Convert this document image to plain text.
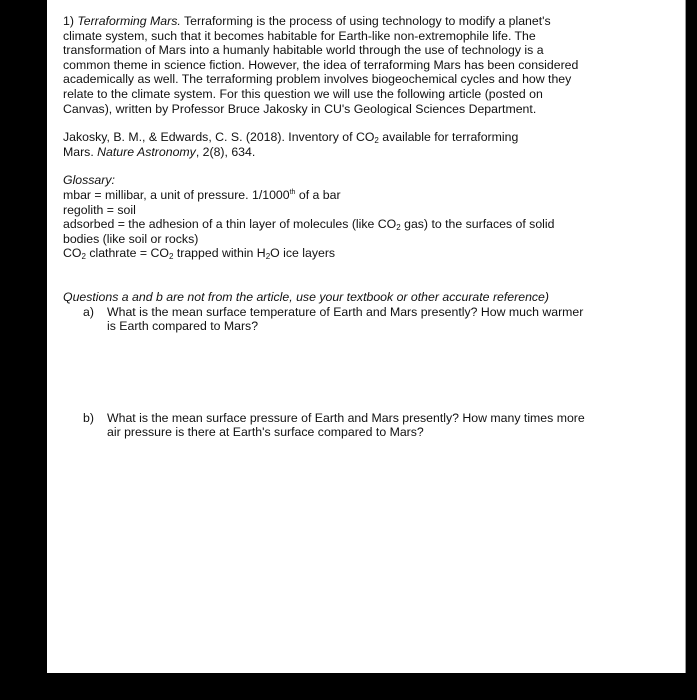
1) Terraforming Mars. Terraforming is the process of using technology to modify a planet's
climate system, such that it becomes habitable for Earth-like non-extremophile life. The
transformation of Mars into a humanly habitable world through the use of technology is a
common theme in science fiction. However, the idea of terraforming Mars has been considered
academically as well. The terraforming problem involves biogeochemical cycles and how they
relate to the climate system. For this question we will use the following article (posted on
Canvas), written by Professor Bruce Jakosky in CU's Geological Sciences Department.
Jakosky, B. M., & Edwards, C. S. (2018). Inventory of $CO_2$ available for terraforming
Mars. Nature Astronomy, 2(8), 634.
Glossary:
mbar = millibar, a unit of pressure. 1/1000th of a bar
regolith = soil
adsorbed = the adhesion of a thin layer of molecules (like $CO_2$ gas) to the surfaces of solid
bodies (like soil or rocks)
$CO_2$ clathrate = $CO_2$ trapped within $H_2O$ ice layers
Questions a and b are not from the article, use your textbook or other accurate reference)
a) What is the mean surface temperature of Earth and Mars presently? How much warmer
is Earth compared to Mars?
b) What is the mean surface pressure of Earth and Mars presently? How many times more
air pressure is there at Earth's surface compared to Mars?
